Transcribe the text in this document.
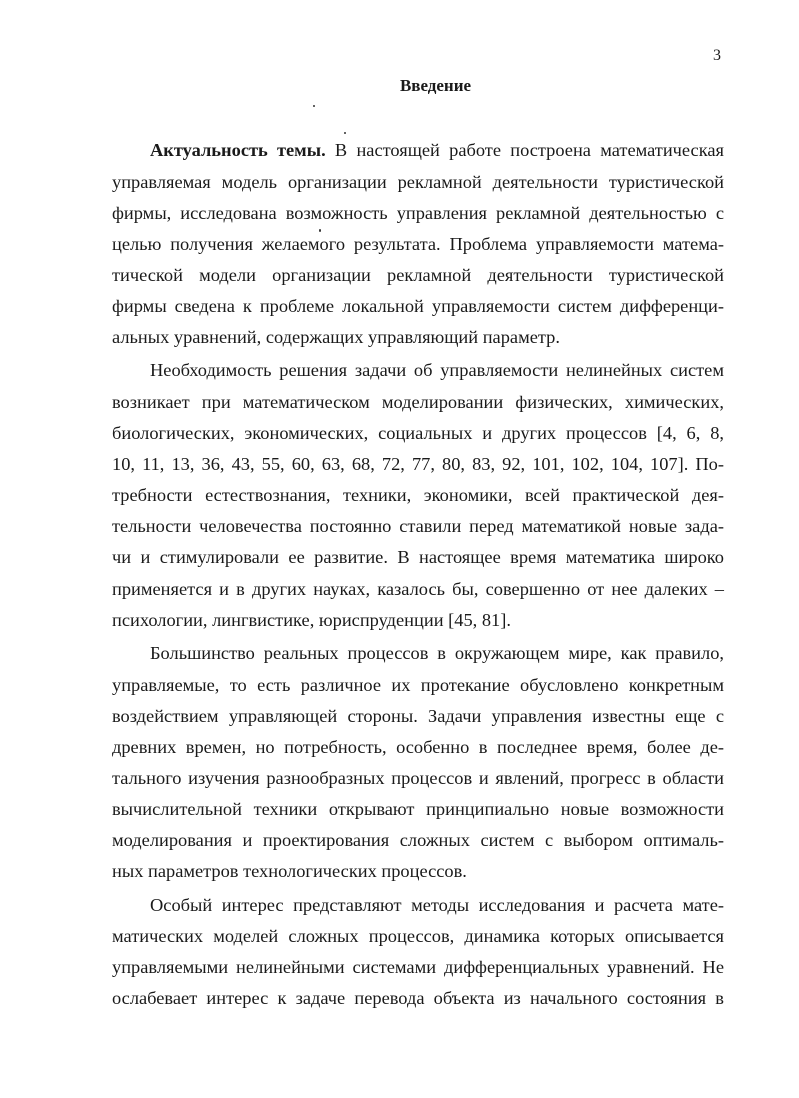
3
Введение
Актуальность темы. В настоящей работе построена математическая
управляемая модель организации рекламной деятельности туристической
фирмы, исследована возможность управления рекламной деятельностью с
целью получения желаемого результата. Проблема управляемости матема-
тической модели организации рекламной деятельности туристической
фирмы сведена к проблеме локальной управляемости систем дифференци-
альных уравнений, содержащих управляющий параметр.
Необходимость решения задачи об управляемости нелинейных систем
возникает при математическом моделировании физических, химических,
биологических, экономических, социальных и других процессов [4, 6, 8,
10, 11, 13, 36, 43, 55, 60, 63, 68, 72, 77, 80, 83, 92, 101, 102, 104, 107]. По-
требности естествознания, техники, экономики, всей практической дея-
тельности человечества постоянно ставили перед математикой новые зада-
чи и стимулировали ее развитие. В настоящее время математика широко
применяется и в других науках, казалось бы, совершенно от нее далеких –
психологии, лингвистике, юриспруденции [45, 81].
Большинство реальных процессов в окружающем мире, как правило,
управляемые, то есть различное их протекание обусловлено конкретным
воздействием управляющей стороны. Задачи управления известны еще с
древних времен, но потребность, особенно в последнее время, более де-
тального изучения разнообразных процессов и явлений, прогресс в области
вычислительной техники открывают принципиально новые возможности
моделирования и проектирования сложных систем с выбором оптималь-
ных параметров технологических процессов.
Особый интерес представляют методы исследования и расчета мате-
матических моделей сложных процессов, динамика которых описывается
управляемыми нелинейными системами дифференциальных уравнений. Не
ослабевает интерес к задаче перевода объекта из начального состояния в
